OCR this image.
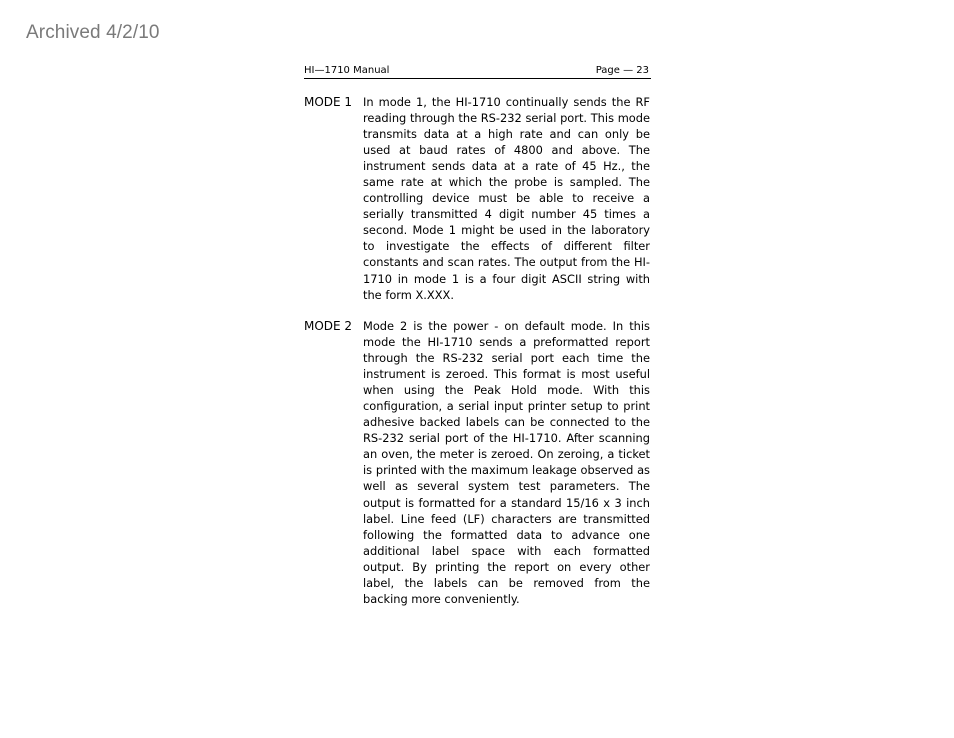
Archived 4/2/10
HI—1710 Manual	Page — 23
MODE 1 In mode 1, the HI-1710 continually sends the RF reading through the RS-232 serial port. This mode transmits data at a high rate and can only be used at baud rates of 4800 and above. The instrument sends data at a rate of 45 Hz., the same rate at which the probe is sampled. The controlling device must be able to receive a serially transmitted 4 digit number 45 times a second. Mode 1 might be used in the laboratory to investigate the effects of different filter constants and scan rates. The output from the HI-1710 in mode 1 is a four digit ASCII string with the form X.XXX.
MODE 2 Mode 2 is the power - on default mode. In this mode the HI-1710 sends a preformatted report through the RS-232 serial port each time the instrument is zeroed. This format is most useful when using the Peak Hold mode. With this configuration, a serial input printer setup to print adhesive backed labels can be connected to the RS-232 serial port of the HI-1710. After scanning an oven, the meter is zeroed. On zeroing, a ticket is printed with the maximum leakage observed as well as several system test parameters. The output is formatted for a standard 15/16 x 3 inch label. Line feed (LF) characters are transmitted following the formatted data to advance one additional label space with each formatted output. By printing the report on every other label, the labels can be removed from the backing more conveniently.
